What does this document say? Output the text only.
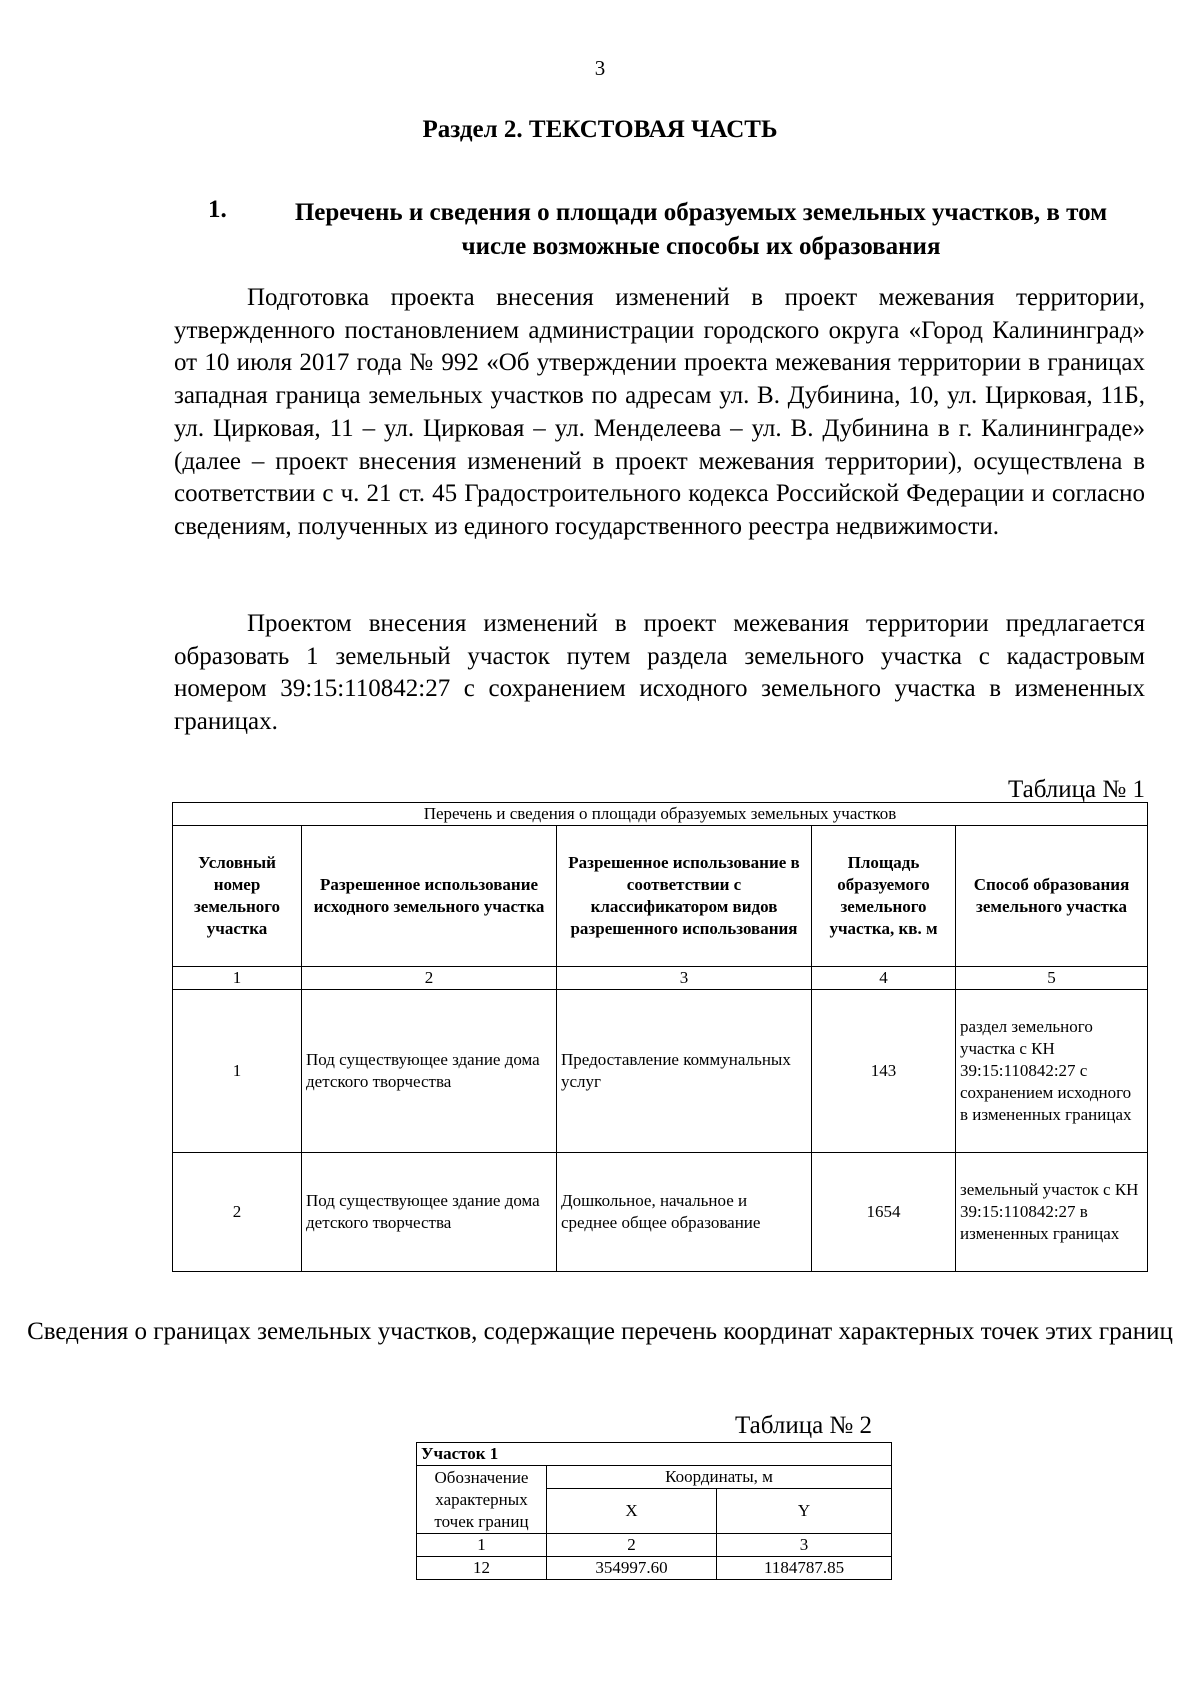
3
Раздел 2. ТЕКСТОВАЯ ЧАСТЬ
1.	Перечень и сведения о площади образуемых земельных участков, в том числе возможные способы их образования

Подготовка проекта внесения изменений в проект межевания территории, утвержденного постановлением администрации городского округа «Город Калининград» от 10 июля 2017 года № 992 «Об утверждении проекта межевания территории в границах западная граница земельных участков по адресам ул. В. Дубинина, 10, ул. Цирковая, 11Б, ул. Цирковая, 11 – ул. Цирковая – ул. Менделеева – ул. В. Дубинина в г. Калининграде» (далее – проект внесения изменений в проект межевания территории), осуществлена в соответствии с ч. 21 ст. 45 Градостроительного кодекса Российской Федерации и согласно сведениям, полученных из единого государственного реестра недвижимости.

Проектом внесения изменений в проект межевания территории предлагается образовать 1 земельный участок путем раздела земельного участка с кадастровым номером 39:15:110842:27 с сохранением исходного земельного участка в измененных границах.

Таблица № 1
Перечень и сведения о площади образуемых земельных участков				
Условный номер земельного участка	Разрешенное использование исходного земельного участка	Разрешенное использование в соответствии с классификатором видов разрешенного использования	Площадь образуемого земельного участка, кв. м	Способ образования земельного участка
1	2	3	4	5
1	Под существующее здание дома детского творчества	Предоставление коммунальных услуг	143	раздел земельного участка с КН 39:15:110842:27 с сохранением исходного в измененных границах
2	Под существующее здание дома детского творчества	Дошкольное, начальное и среднее общее образование	1654	земельный участок с КН 39:15:110842:27 в измененных границах
Сведения о границах земельных участков, содержащие перечень координат характерных точек этих границ
Таблица № 2
Участок 1		
Обозначение характерных точек границ	Координаты, м	
	X	Y
1	2	3
12	354997.60	1184787.85
